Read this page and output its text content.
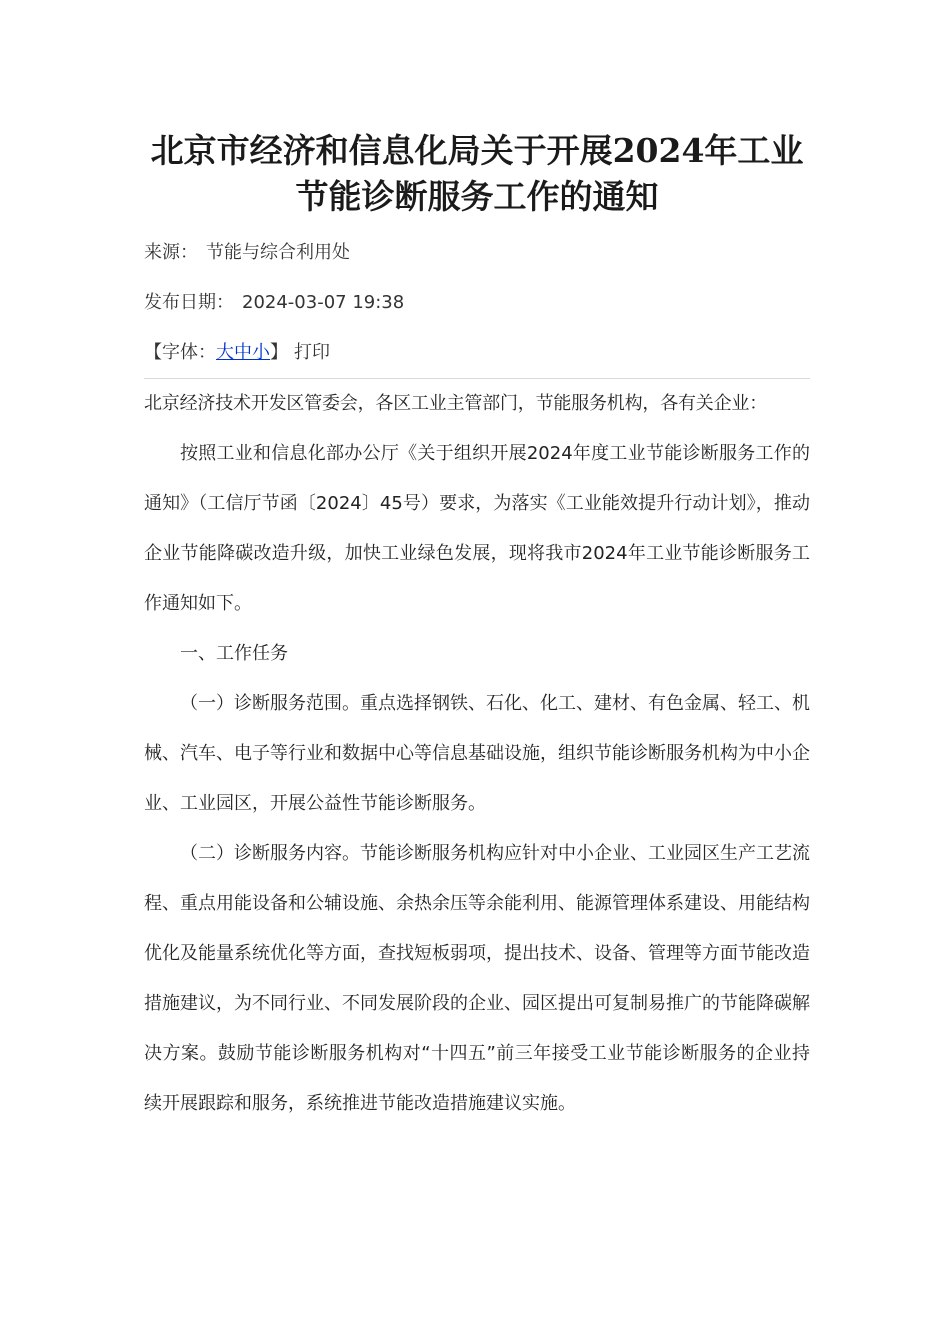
北京市经济和信息化局关于开展2024年工业节能诊断服务工作的通知
来源： 节能与综合利用处
发布日期： 2024-03-07 19:38
【字体：大中小】 打印

北京经济技术开发区管委会，各区工业主管部门，节能服务机构，各有关企业：

按照工业和信息化部办公厅《关于组织开展2024年度工业节能诊断服务工作的通知》（工信厅节函〔2024〕45号）要求，为落实《工业能效提升行动计划》，推动企业节能降碳改造升级，加快工业绿色发展，现将我市2024年工业节能诊断服务工作通知如下。

一、工作任务

（一）诊断服务范围。重点选择钢铁、石化、化工、建材、有色金属、轻工、机械、汽车、电子等行业和数据中心等信息基础设施，组织节能诊断服务机构为中小企业、工业园区，开展公益性节能诊断服务。

（二）诊断服务内容。节能诊断服务机构应针对中小企业、工业园区生产工艺流程、重点用能设备和公辅设施、余热余压等余能利用、能源管理体系建设、用能结构优化及能量系统优化等方面，查找短板弱项，提出技术、设备、管理等方面节能改造措施建议，为不同行业、不同发展阶段的企业、园区提出可复制易推广的节能降碳解决方案。鼓励节能诊断服务机构对“十四五”前三年接受工业节能诊断服务的企业持续开展跟踪和服务，系统推进节能改造措施建议实施。
